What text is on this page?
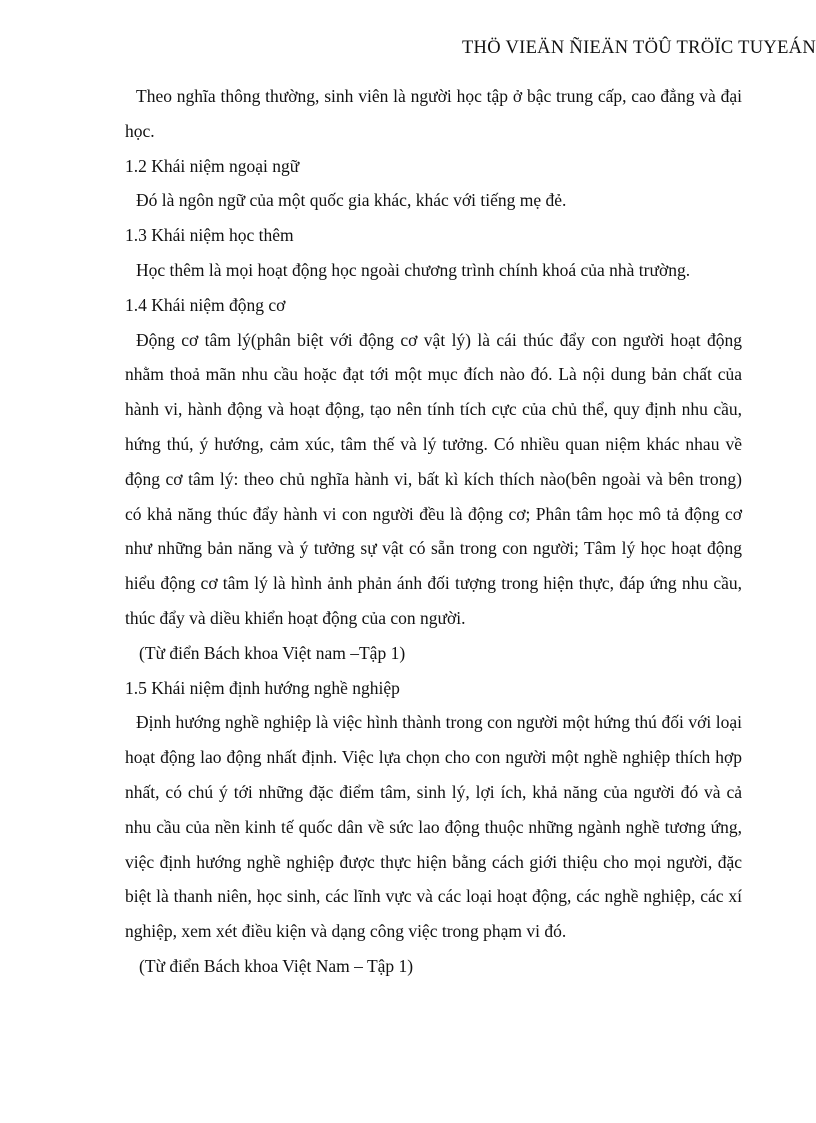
THÖ VIEÄN ÑIEÄN TÖÛ TRÖÏC TUYEÁN

Theo nghĩa thông thường, sinh viên là người học tập ở bậc trung cấp, cao đẳng và đại học.

1.2 Khái niệm ngoại ngữ

Đó là ngôn ngữ của một quốc gia khác, khác với tiếng mẹ đẻ.

1.3 Khái niệm học thêm

Học thêm là mọi hoạt động học ngoài chương trình chính khoá của nhà trường.

1.4 Khái niệm động cơ

Động cơ tâm lý(phân biệt với động cơ vật lý) là cái thúc đẩy con người hoạt động nhằm thoả mãn nhu cầu hoặc đạt tới một mục đích nào đó. Là nội dung bản chất của hành vi, hành động và hoạt động, tạo nên tính tích cực của chủ thể, quy định nhu cầu, hứng thú, ý hướng, cảm xúc, tâm thế và lý tưởng. Có nhiều quan niệm khác nhau về động cơ tâm lý: theo chủ nghĩa hành vi, bất kì kích thích nào(bên ngoài và bên trong) có khả năng thúc đẩy hành vi con người đều là động cơ; Phân tâm học mô tả động cơ như những bản năng và ý tưởng sự vật có sẵn trong con người; Tâm lý học hoạt động hiểu động cơ tâm lý là hình ảnh phản ánh đối tượng trong hiện thực, đáp ứng nhu cầu, thúc đẩy và diều khiển hoạt động của con người.

(Từ điển Bách khoa Việt nam –Tập 1)

1.5 Khái niệm định hướng nghề nghiệp

Định hướng nghề nghiệp là việc hình thành trong con người một hứng thú đối với loại hoạt động lao động nhất định. Việc lựa chọn cho con người một nghề nghiệp thích hợp nhất, có chú ý tới những đặc điểm tâm, sinh lý, lợi ích, khả năng của người đó và cả nhu cầu của nền kinh tế quốc dân về sức lao động thuộc những ngành nghề tương ứng, việc định hướng nghề nghiệp được thực hiện bằng cách giới thiệu cho mọi người, đặc biệt là thanh niên, học sinh, các lĩnh vực và các loại hoạt động, các nghề nghiệp, các xí nghiệp, xem xét điều kiện và dạng công việc trong phạm vi đó.

(Từ điển Bách khoa Việt Nam – Tập 1)
